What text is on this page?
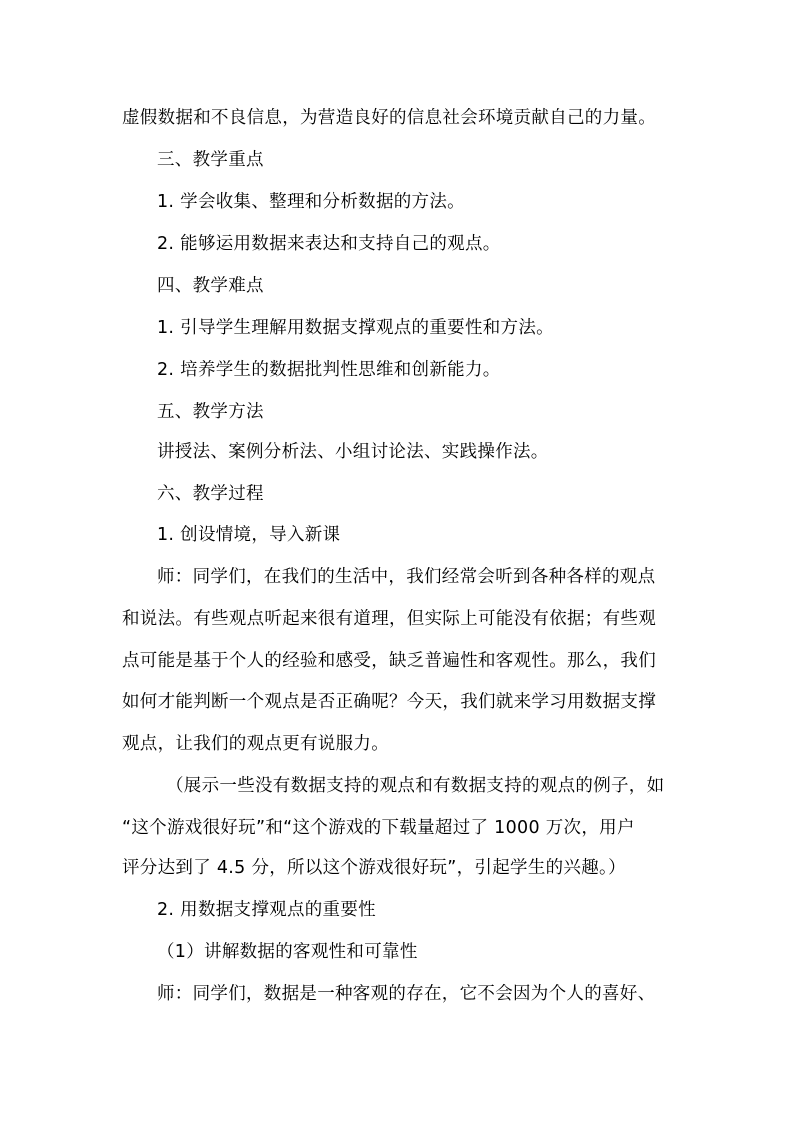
虚假数据和不良信息，为营造良好的信息社会环境贡献自己的力量。
三、教学重点
1. 学会收集、整理和分析数据的方法。
2. 能够运用数据来表达和支持自己的观点。
四、教学难点
1. 引导学生理解用数据支撑观点的重要性和方法。
2. 培养学生的数据批判性思维和创新能力。
五、教学方法
讲授法、案例分析法、小组讨论法、实践操作法。
六、教学过程
1. 创设情境，导入新课
师：同学们，在我们的生活中，我们经常会听到各种各样的观点
和说法。有些观点听起来很有道理，但实际上可能没有依据；有些观
点可能是基于个人的经验和感受，缺乏普遍性和客观性。那么，我们
如何才能判断一个观点是否正确呢？今天，我们就来学习用数据支撑
观点，让我们的观点更有说服力。
（展示一些没有数据支持的观点和有数据支持的观点的例子，如
“这个游戏很好玩”和“这个游戏的下载量超过了 1000 万次，用户
评分达到了 4.5 分，所以这个游戏很好玩”，引起学生的兴趣。）
2. 用数据支撑观点的重要性
（1）讲解数据的客观性和可靠性
师：同学们，数据是一种客观的存在，它不会因为个人的喜好、
